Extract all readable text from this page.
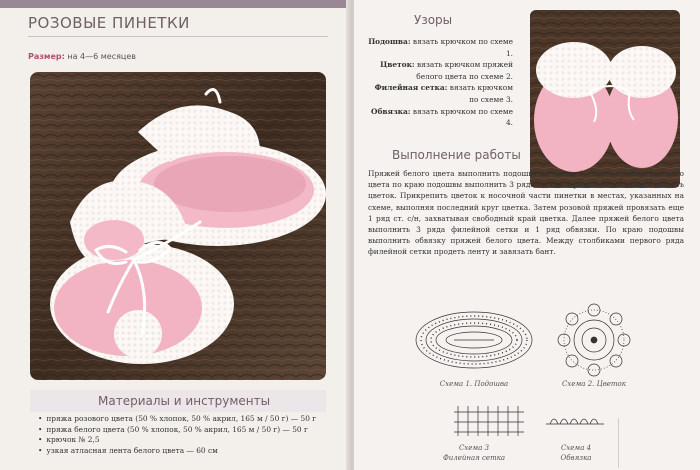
РОЗОВЫЕ ПИНЕТКИ
Размер: на 4—6 месяцев
Материалы и инструменты
• пряжа розового цвета (50 % хлопок, 50 % акрил, 165 м / 50 г) — 50 г
• пряжа белого цвета (50 % хлопок, 50 % акрил, 165 м / 50 г) — 50 г
• крючок № 2,5
• узкая атласная лента белого цвета — 60 см
Узоры
Подошва: вязать крючком по схеме 1.
Цветок: вязать крючком пряжей белого цвета по схеме 2.
Филейная сетка: вязать крючком по схеме 3.
Обвязка: вязать крючком по схеме 4.
Выполнение работы
Пряжей белого цвета выполнить подошву по схеме 1. Затем пряжей розового цвета по краю подошвы выполнить 3 ряда ст. с/н. Пряжей белого цвета связать цветок. Прикрепить цветок к носочной части пинетки в местах, указанных на схеме, выполняя последний круг цветка. Затем розовой пряжей провязать еще 1 ряд ст. с/н, захватывая свободный край цветка. Далее пряжей белого цвета выполнить 3 ряда филейной сетки и 1 ряд обвязки. По краю подошвы выполнить обвязку пряжей белого цвета. Между столбиками первого ряда филейной сетки продеть ленту и завязать бант.
Схема 1. Подошва	Схема 2. Цветок
Схема 3
Филейная сетка
Схема 4
Обвязка
